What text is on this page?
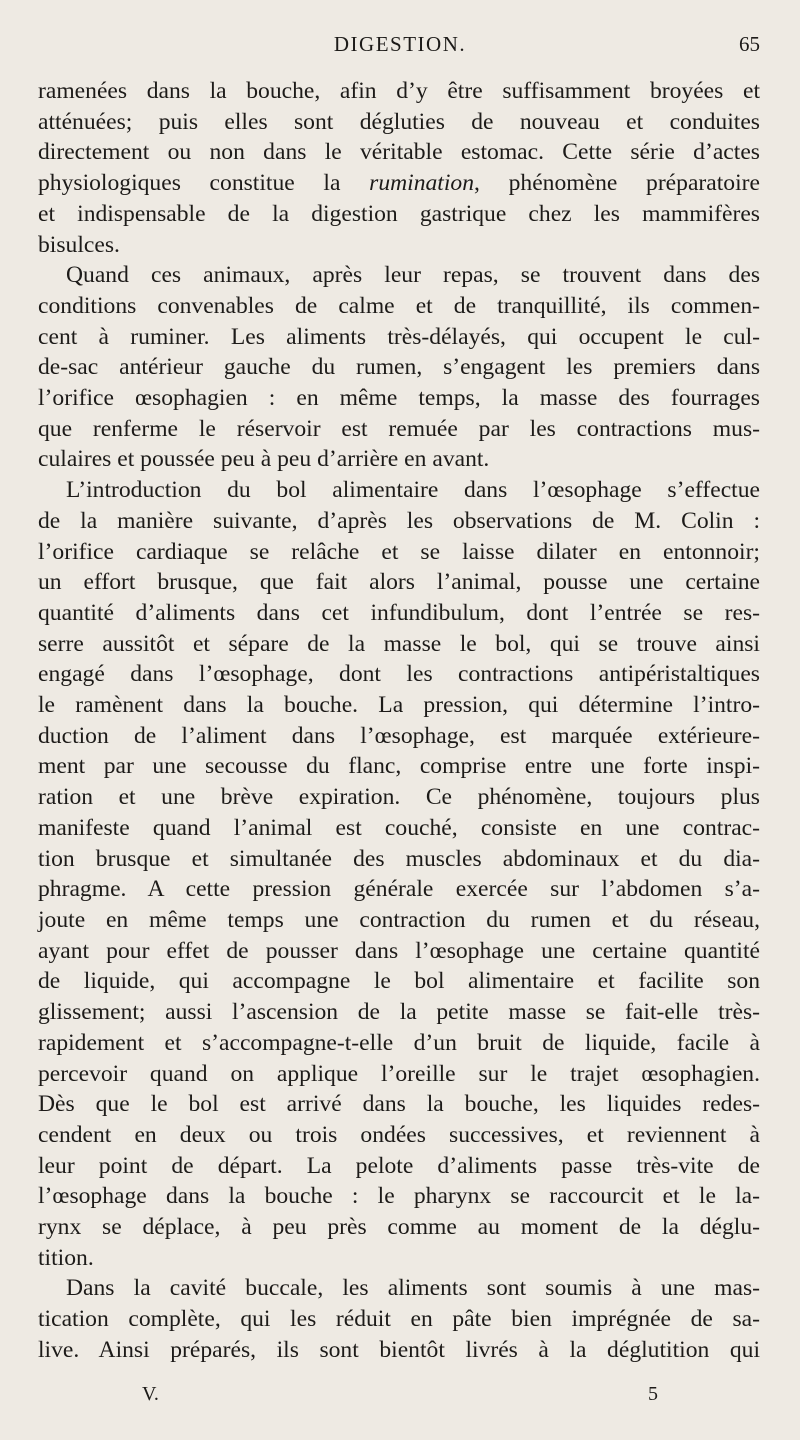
DIGESTION.	65

ramenées dans la bouche, afin d’y être suffisamment broyées et

atténuées; puis elles sont dégluties de nouveau et conduites

directement ou non dans le véritable estomac. Cette série d’actes

physiologiques constitue la rumination, phénomène préparatoire

et indispensable de la digestion gastrique chez les mammifères

bisulces.

Quand ces animaux, après leur repas, se trouvent dans des

conditions convenables de calme et de tranquillité, ils commen-

cent à ruminer. Les aliments très-délayés, qui occupent le cul-

de-sac antérieur gauche du rumen, s’engagent les premiers dans

l’orifice œsophagien : en même temps, la masse des fourrages

que renferme le réservoir est remuée par les contractions mus-

culaires et poussée peu à peu d’arrière en avant.

L’introduction du bol alimentaire dans l’œsophage s’effectue

de la manière suivante, d’après les observations de M. Colin :

l’orifice cardiaque se relâche et se laisse dilater en entonnoir;

un effort brusque, que fait alors l’animal, pousse une certaine

quantité d’aliments dans cet infundibulum, dont l’entrée se res-

serre aussitôt et sépare de la masse le bol, qui se trouve ainsi

engagé dans l’œsophage, dont les contractions antipéristaltiques

le ramènent dans la bouche. La pression, qui détermine l’intro-

duction de l’aliment dans l’œsophage, est marquée extérieure-

ment par une secousse du flanc, comprise entre une forte inspi-

ration et une brève expiration. Ce phénomène, toujours plus

manifeste quand l’animal est couché, consiste en une contrac-

tion brusque et simultanée des muscles abdominaux et du dia-

phragme. A cette pression générale exercée sur l’abdomen s’a-

joute en même temps une contraction du rumen et du réseau,

ayant pour effet de pousser dans l’œsophage une certaine quantité

de liquide, qui accompagne le bol alimentaire et facilite son

glissement; aussi l’ascension de la petite masse se fait-elle très-

rapidement et s’accompagne-t-elle d’un bruit de liquide, facile à

percevoir quand on applique l’oreille sur le trajet œsophagien.

Dès que le bol est arrivé dans la bouche, les liquides redes-

cendent en deux ou trois ondées successives, et reviennent à

leur point de départ. La pelote d’aliments passe très-vite de

l’œsophage dans la bouche : le pharynx se raccourcit et le la-

rynx se déplace, à peu près comme au moment de la déglu-

tition.

Dans la cavité buccale, les aliments sont soumis à une mas-

tication complète, qui les réduit en pâte bien imprégnée de sa-

live. Ainsi préparés, ils sont bientôt livrés à la déglutition qui

V.	5
